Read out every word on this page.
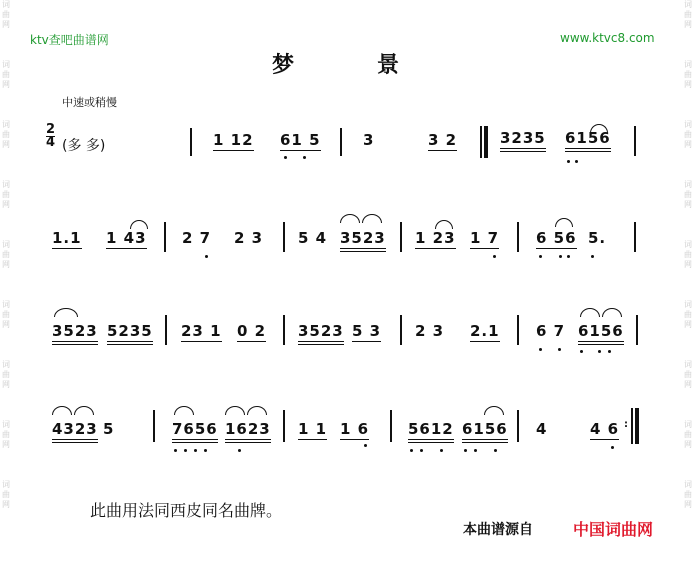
词曲网
词曲网
词曲网
词曲网
词曲网
词曲网
词曲网
词曲网
词曲网
词曲网
词曲网
词曲网
词曲网
词曲网
词曲网
词曲网
词曲网
词曲网
ktv查吧曲谱网	www.ktvc8.com
梦	景
中速或稍慢
$\frac{2}{4}$ (多 多)	1 12 61 5	3	3 2	3235 6156
1.1 1 43 2 7 2 3 5 4 3523 1 23 1 7 6 56 5.
3523 5235 23 1 0 2 3523 5 3 2 3 2.1 6 7 6156
4323 5	7656 1623 1 1 1 6	5612 6156 4	4 6 :
此曲用法同西皮同名曲牌。
本曲谱源自	中国词曲网
